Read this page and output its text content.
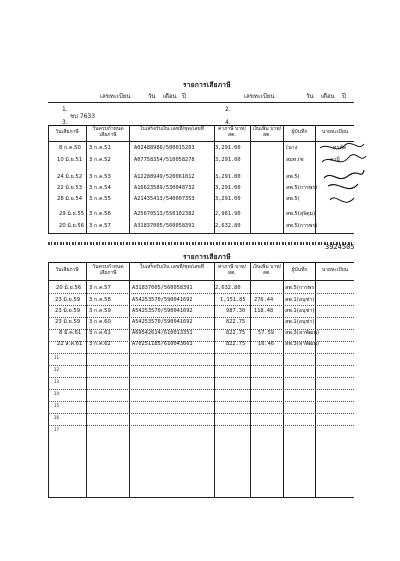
รายการเสียภาษี
เลขทะเบียน	วัน เดือน ปี	เลขทะเบียน	วัน เดือน ปี
1.	2.
ชบ 7633
3.	4.
วันเสียภาษี	วันครบกำหนด เสียภาษี
ใบเสร็จรับเงิน เลขที่/ชุด/เลขที่	ค่าภาษี บาท/สต.
เงินเพิ่ม บาท/สต.	ผู้บันทึก	นายทะเบียน
8 ก.ค.50 3 ก.ค.51	A02488986/500015203	3,291.00	(นาง	ทาตัด
10 มิ.ย.51 3 ก.ค.52	A07758354/510058278	3,291.00	สมท.(ช	ลานี
24 มิ.ย.52 3 ก.ค.53	A12288949/520061012	3,291.00	สพ.5(
22 มิ.ย.53 3 ก.ค.54	A16623589/530048732	3,291.00	สพ.5(การพร)
28 มิ.ย.54 3 ก.ค.55	A21435413/540007353	3,291.00	สพ.5(
29 มิ.ย.55 3 ก.ค.56	A25670513/550102382	2,961.90	สพ.5(สุจิตุม)
20 มิ.ย.56 3 ก.ค.57	A31837005/560058391	2,632.80	สพ.5(การพร)
3924505
รายการเสียภาษี
วันเสียภาษี	วันครบกำหนด เสียภาษี
ใบเสร็จรับเงิน เลขที่/ชุด/เลขที่	ค่าภาษี บาท/สต.
เงินเพิ่ม บาท/สต.	ผู้บันทึก	นายทะเบียน
20 มิ.ย.56 3 ก.ค.57	A31837005/560058391	2,632.80	สพ.5(การพร)
23 มิ.ย.59 3 ก.ค.58	A54253570/590041692	1,151.85 276.44 สพ.1(อนุช่า)
23 มิ.ย.59 3 ก.ค.59	A54253570/590041692	987.30 118.48 สพ.1(อนุช่า)
23 มิ.ย.59 3 ก.ค.60	A54253570/590041692	822.75	สพ.1(อนุช่า)
8 มี.ค.61 3 ก.ค.61	A69542614/610013351	822.75 57.59 สพ.3(ลาพัฒน)
22 ส.ค.61 3 ก.ค.62	A70251185/610043661	822.75 16.46 สพ.3(ลาพัฒน)
11
12
13
14
15
16
17
